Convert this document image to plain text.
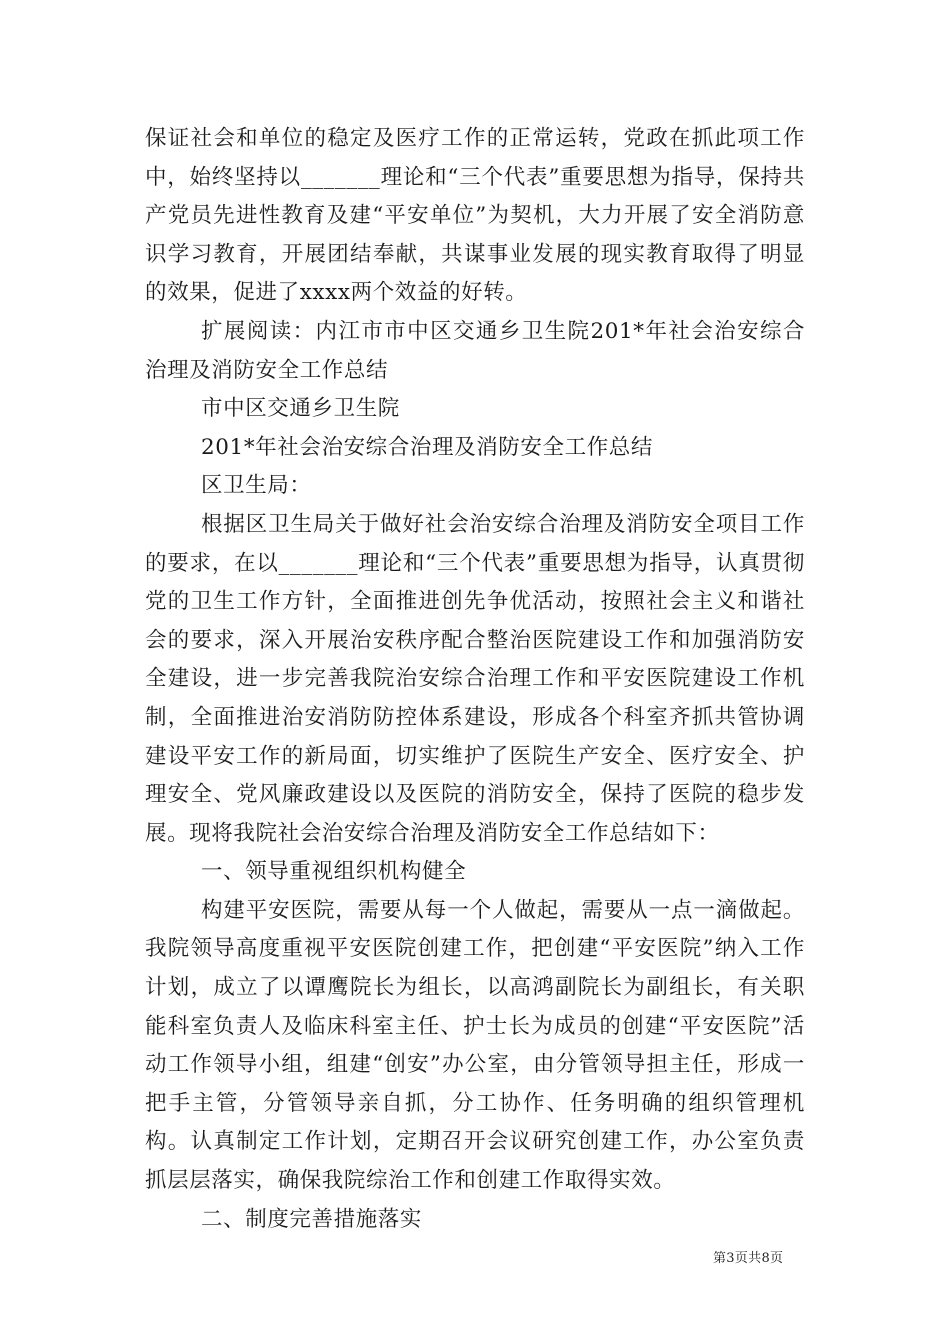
保证社会和单位的稳定及医疗工作的正常运转，党政在抓此项工作中，始终坚持以_______理论和“三个代表”重要思想为指导，保持共产党员先进性教育及建“平安单位”为契机，大力开展了安全消防意识学习教育，开展团结奉献，共谋事业发展的现实教育取得了明显的效果，促进了xxxx两个效益的好转。

扩展阅读：内江市市中区交通乡卫生院201*年社会治安综合治理及消防安全工作总结

市中区交通乡卫生院

201*年社会治安综合治理及消防安全工作总结

区卫生局：

根据区卫生局关于做好社会治安综合治理及消防安全项目工作的要求，在以_______理论和“三个代表”重要思想为指导，认真贯彻党的卫生工作方针，全面推进创先争优活动，按照社会主义和谐社会的要求，深入开展治安秩序配合整治医院建设工作和加强消防安全建设，进一步完善我院治安综合治理工作和平安医院建设工作机制，全面推进治安消防防控体系建设，形成各个科室齐抓共管协调建设平安工作的新局面，切实维护了医院生产安全、医疗安全、护理安全、党风廉政建设以及医院的消防安全，保持了医院的稳步发展。现将我院社会治安综合治理及消防安全工作总结如下：

一、领导重视组织机构健全

构建平安医院，需要从每一个人做起，需要从一点一滴做起。我院领导高度重视平安医院创建工作，把创建“平安医院”纳入工作计划，成立了以谭鹰院长为组长，以高鸿副院长为副组长，有关职能科室负责人及临床科室主任、护士长为成员的创建“平安医院”活动工作领导小组，组建“创安”办公室，由分管领导担主任，形成一把手主管，分管领导亲自抓，分工协作、任务明确的组织管理机构。认真制定工作计划，定期召开会议研究创建工作，办公室负责抓层层落实，确保我院综治工作和创建工作取得实效。

二、制度完善措施落实

第3页共8页
